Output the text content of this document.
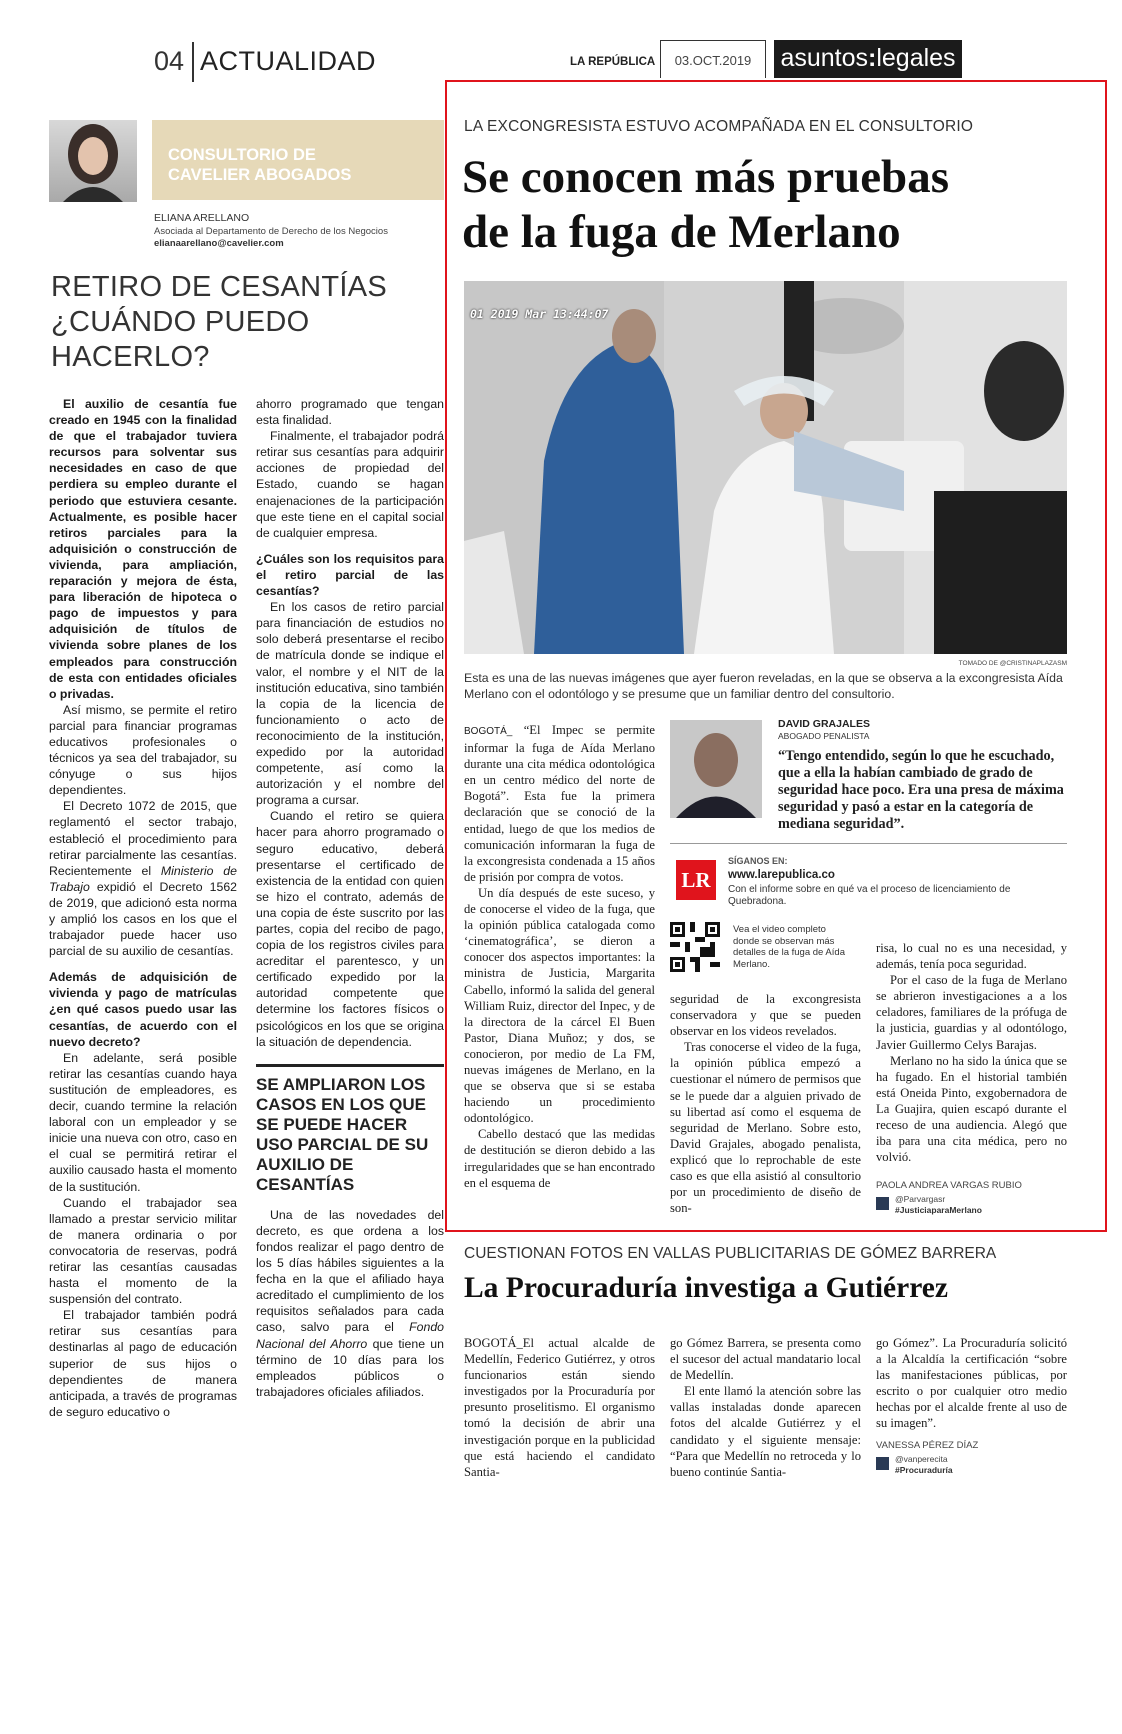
04 ACTUALIDAD	LA REPÚBLICA	03.OCT.2019	asuntos:legales
CONSULTORIO DE
CAVELIER ABOGADOS
ELIANA ARELLANO
Asociada al Departamento de Derecho de los Negocios
elianaarellano@cavelier.com
RETIRO DE CESANTÍAS
¿CUÁNDO PUEDO
HACERLO?

El auxilio de cesantía fue creado en 1945 con la finalidad de que el trabajador tuviera recursos para solventar sus necesidades en caso de que perdiera su empleo durante el periodo que estuviera cesante. Actualmente, es posible hacer retiros parciales para la adquisición o construcción de vivienda, para ampliación, reparación y mejora de ésta, para liberación de hipoteca o pago de impuestos y para adquisición de títulos de vivienda sobre planes de los empleados para construcción de esta con entidades oficiales o privadas.

Así mismo, se permite el retiro parcial para financiar programas educativos profesionales o técnicos ya sea del trabajador, su cónyuge o sus hijos dependientes.

El Decreto 1072 de 2015, que reglamentó el sector trabajo, estableció el procedimiento para retirar parcialmente las cesantías. Recientemente el Ministerio de Trabajo expidió el Decreto 1562 de 2019, que adicionó esta norma y amplió los casos en los que el trabajador puede hacer uso parcial de su auxilio de cesantías.

Además de adquisición de vivienda y pago de matrículas ¿en qué casos puedo usar las cesantías, de acuerdo con el nuevo decreto?

En adelante, será posible retirar las cesantías cuando haya sustitución de empleadores, es decir, cuando termine la relación laboral con un empleador y se inicie una nueva con otro, caso en el cual se permitirá retirar el auxilio causado hasta el momento de la sustitución.

Cuando el trabajador sea llamado a prestar servicio militar de manera ordinaria o por convocatoria de reservas, podrá retirar las cesantías causadas hasta el momento de la suspensión del contrato.

El trabajador también podrá retirar sus cesantías para destinarlas al pago de educación superior de sus hijos o dependientes de manera anticipada, a través de programas de seguro educativo o

ahorro programado que tengan esta finalidad.

Finalmente, el trabajador podrá retirar sus cesantías para adquirir acciones de propiedad del Estado, cuando se hagan enajenaciones de la participación que este tiene en el capital social de cualquier empresa.

¿Cuáles son los requisitos para el retiro parcial de las cesantías?

En los casos de retiro parcial para financiación de estudios no solo deberá presentarse el recibo de matrícula donde se indique el valor, el nombre y el NIT de la institución educativa, sino también la copia de la licencia de funcionamiento o acto de reconocimiento de la institución, expedido por la autoridad competente, así como la autorización y el nombre del programa a cursar.

Cuando el retiro se quiera hacer para ahorro programado o seguro educativo, deberá presentarse el certificado de existencia de la entidad con quien se hizo el contrato, además de una copia de éste suscrito por las partes, copia del recibo de pago, copia de los registros civiles para acreditar el parentesco, y un certificado expedido por la autoridad competente que determine los factores físicos o psicológicos en los que se origina la situación de dependencia.

SE AMPLIARON LOS CASOS EN LOS QUE SE PUEDE HACER USO PARCIAL DE SU AUXILIO DE CESANTÍAS

Una de las novedades del decreto, es que ordena a los fondos realizar el pago dentro de los 5 días hábiles siguientes a la fecha en la que el afiliado haya acreditado el cumplimiento de los requisitos señalados para cada caso, salvo para el Fondo Nacional del Ahorro que tiene un término de 10 días para los empleados públicos o trabajadores oficiales afiliados.

LA EXCONGRESISTA ESTUVO ACOMPAÑADA EN EL CONSULTORIO
Se conocen más pruebas
de la fuga de Merlano
01 2019 Mar 13:44:07
TOMADO DE @CRISTINAPLAZASM
Esta es una de las nuevas imágenes que ayer fueron reveladas, en la que se observa a la excongresista Aída Merlano con el odontólogo y se presume que un familiar dentro del consultorio.

BOGOTÁ_ “El Impec se permite informar la fuga de Aída Merlano durante una cita médica odontológica en un centro médico del norte de Bogotá”. Esta fue la primera declaración que se conoció de la entidad, luego de que los medios de comunicación informaran la fuga de la excongresista condenada a 15 años de prisión por compra de votos.

Un día después de este suceso, y de conocerse el video de la fuga, que la opinión pública catalogada como ‘cinematográfica’, se dieron a conocer dos aspectos importantes: la ministra de Justicia, Margarita Cabello, informó la salida del general William Ruiz, director del Inpec, y de la directora de la cárcel El Buen Pastor, Diana Muñoz; y dos, se conocieron, por medio de La FM, nuevas imágenes de Merlano, en la que se observa que si se estaba haciendo un procedimiento odontológico.

Cabello destacó que las medidas de destitución se dieron debido a las irregularidades que se han encontrado en el esquema de

DAVID GRAJALES
ABOGADO PENALISTA
“Tengo entendido, según lo que he escuchado, que a ella la habían cambiado de grado de seguridad hace poco. Era una presa de máxima seguridad y pasó a estar en la categoría de mediana seguridad”.
LR
SÍGANOS EN:
www.larepublica.co
Con el informe sobre en qué va el proceso de licenciamiento de Quebradona.
Vea el video completo donde se observan más detalles de la fuga de Aída Merlano.

seguridad de la excongresista conservadora y que se pueden observar en los videos revelados.

Tras conocerse el video de la fuga, la opinión pública empezó a cuestionar el número de permisos que se le puede dar a alguien privado de su libertad así como el esquema de seguridad de Merlano. Sobre esto, David Grajales, abogado penalista, explicó que lo reprochable de este caso es que ella asistió al consultorio por un procedimiento de diseño de son-

risa, lo cual no es una necesidad, y además, tenía poca seguridad.

Por el caso de la fuga de Merlano se abrieron investigaciones a a los celadores, familiares de la prófuga de la justicia, guardias y al odontólogo, Javier Guillermo Celys Barajas.

Merlano no ha sido la única que se ha fugado. En el historial también está Oneida Pinto, exgobernadora de La Guajira, quien escapó durante el receso de una audiencia. Alegó que iba para una cita médica, pero no volvió.

PAOLA ANDREA VARGAS RUBIO
@Parvargasr
#JusticiaparaMerlano
CUESTIONAN FOTOS EN VALLAS PUBLICITARIAS DE GÓMEZ BARRERA
La Procuraduría investiga a Gutiérrez

BOGOTÁ_El actual alcalde de Medellín, Federico Gutiérrez, y otros funcionarios están siendo investigados por la Procuraduría por presunto proselitismo. El organismo tomó la decisión de abrir una investigación porque en la publicidad que está haciendo el candidato Santia-

go Gómez Barrera, se presenta como el sucesor del actual mandatario local de Medellín.

El ente llamó la atención sobre las vallas instaladas donde aparecen fotos del alcalde Gutiérrez y el candidato y el siguiente mensaje: “Para que Medellín no retroceda y lo bueno continúe Santia-

go Gómez”. La Procuraduría solicitó a la Alcaldía la certificación “sobre las manifestaciones públicas, por escrito o por cualquier otro medio hechas por el alcalde frente al uso de su imagen”.

VANESSA PÉREZ DÍAZ
@vanperecita
#Procuraduría
